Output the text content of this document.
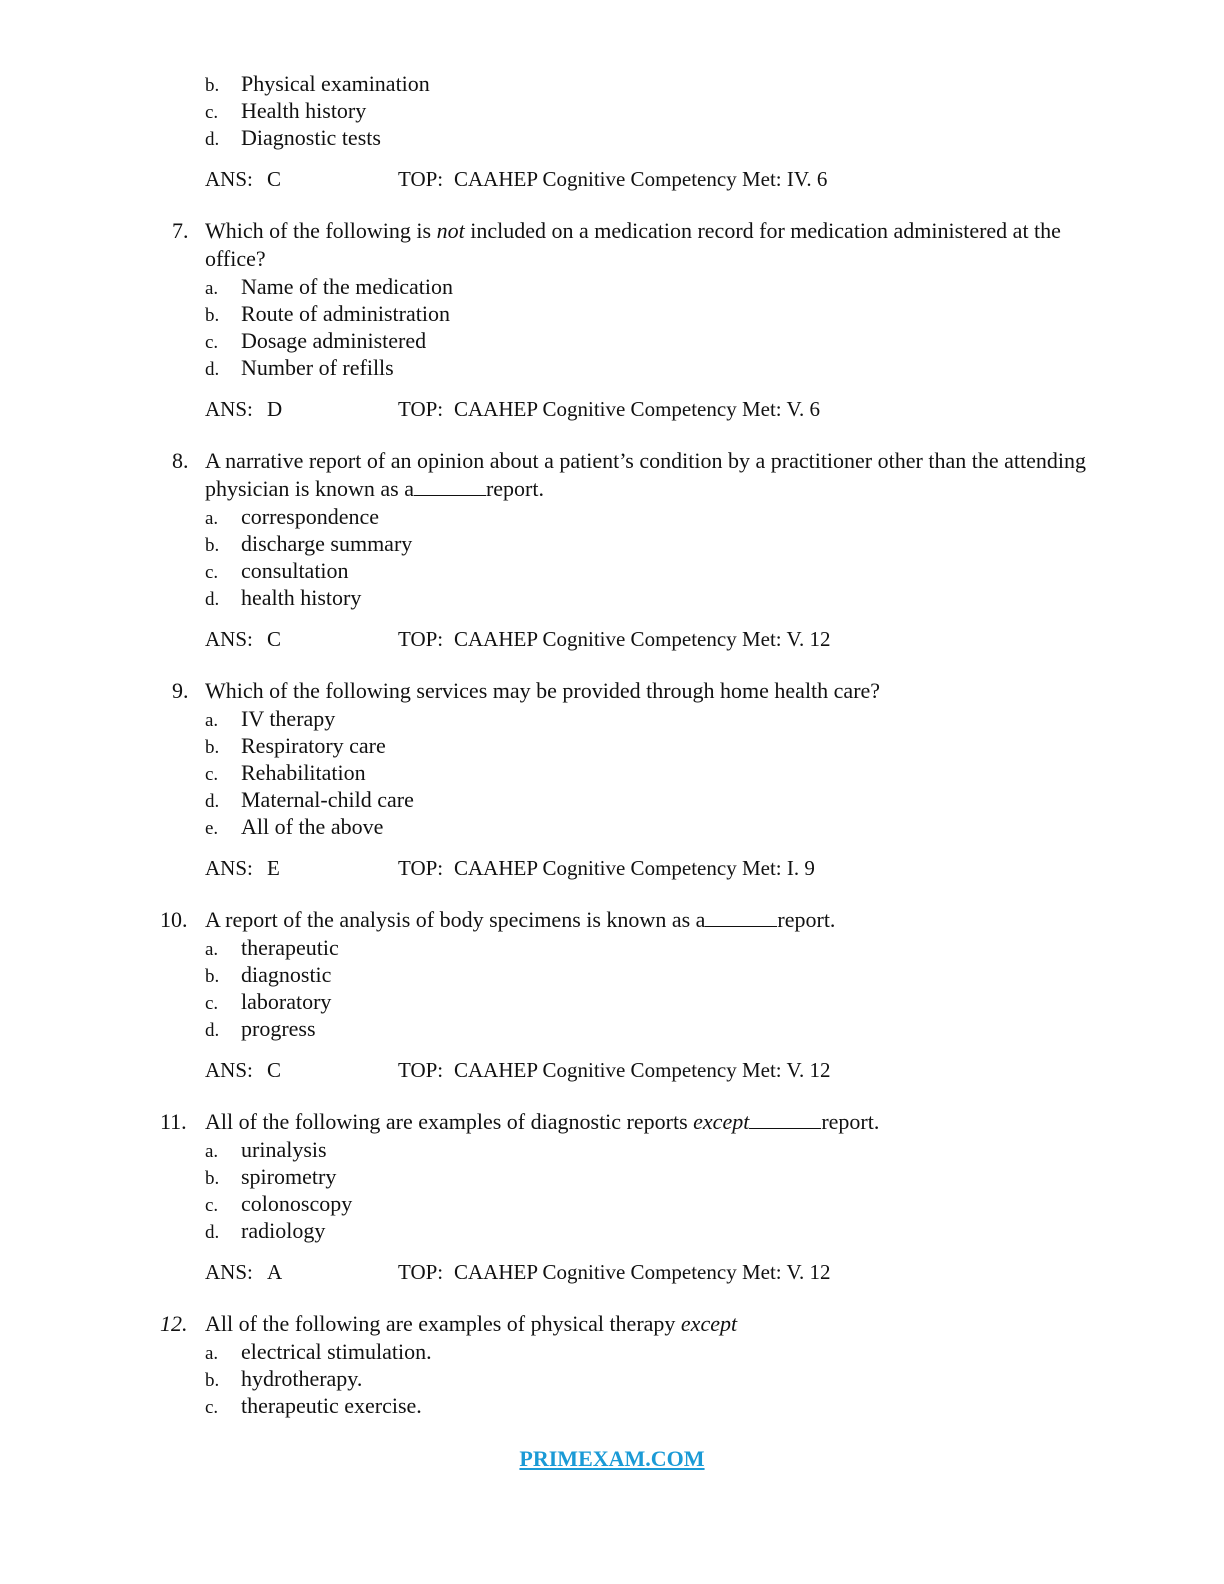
b. Physical examination
c.	Health history
d. Diagnostic tests
ANS: C	TOP: CAAHEP Cognitive Competency Met: IV. 6
7. Which of the following is not included on a medication record for medication administered at the office?
a.	Name of the medication
b. Route of administration
c.	Dosage administered
d. Number of refills
ANS: D	TOP: CAAHEP Cognitive Competency Met: V. 6
8. A narrative report of an opinion about a patient’s condition by a practitioner other than the attending physician is known as a	report.
a.	correspondence
b. discharge summary
c.	consultation
d. health history
ANS: C	TOP: CAAHEP Cognitive Competency Met: V. 12
9. Which of the following services may be provided through home health care?
a.	IV therapy
b. Respiratory care
c.	Rehabilitation
d. Maternal-child care
e.	All of the above
ANS: E	TOP: CAAHEP Cognitive Competency Met: I. 9
10. A report of the analysis of body specimens is known as a	report.
a.	therapeutic
b. diagnostic
c.	laboratory
d. progress
ANS: C	TOP: CAAHEP Cognitive Competency Met: V. 12
11. All of the following are examples of diagnostic reports except	report.
a.	urinalysis
b. spirometry
c.	colonoscopy
d. radiology
ANS: A	TOP: CAAHEP Cognitive Competency Met: V. 12
12. All of the following are examples of physical therapy except
a.	electrical stimulation.
b. hydrotherapy.
c.	therapeutic exercise.
PRIMEXAM.COM
